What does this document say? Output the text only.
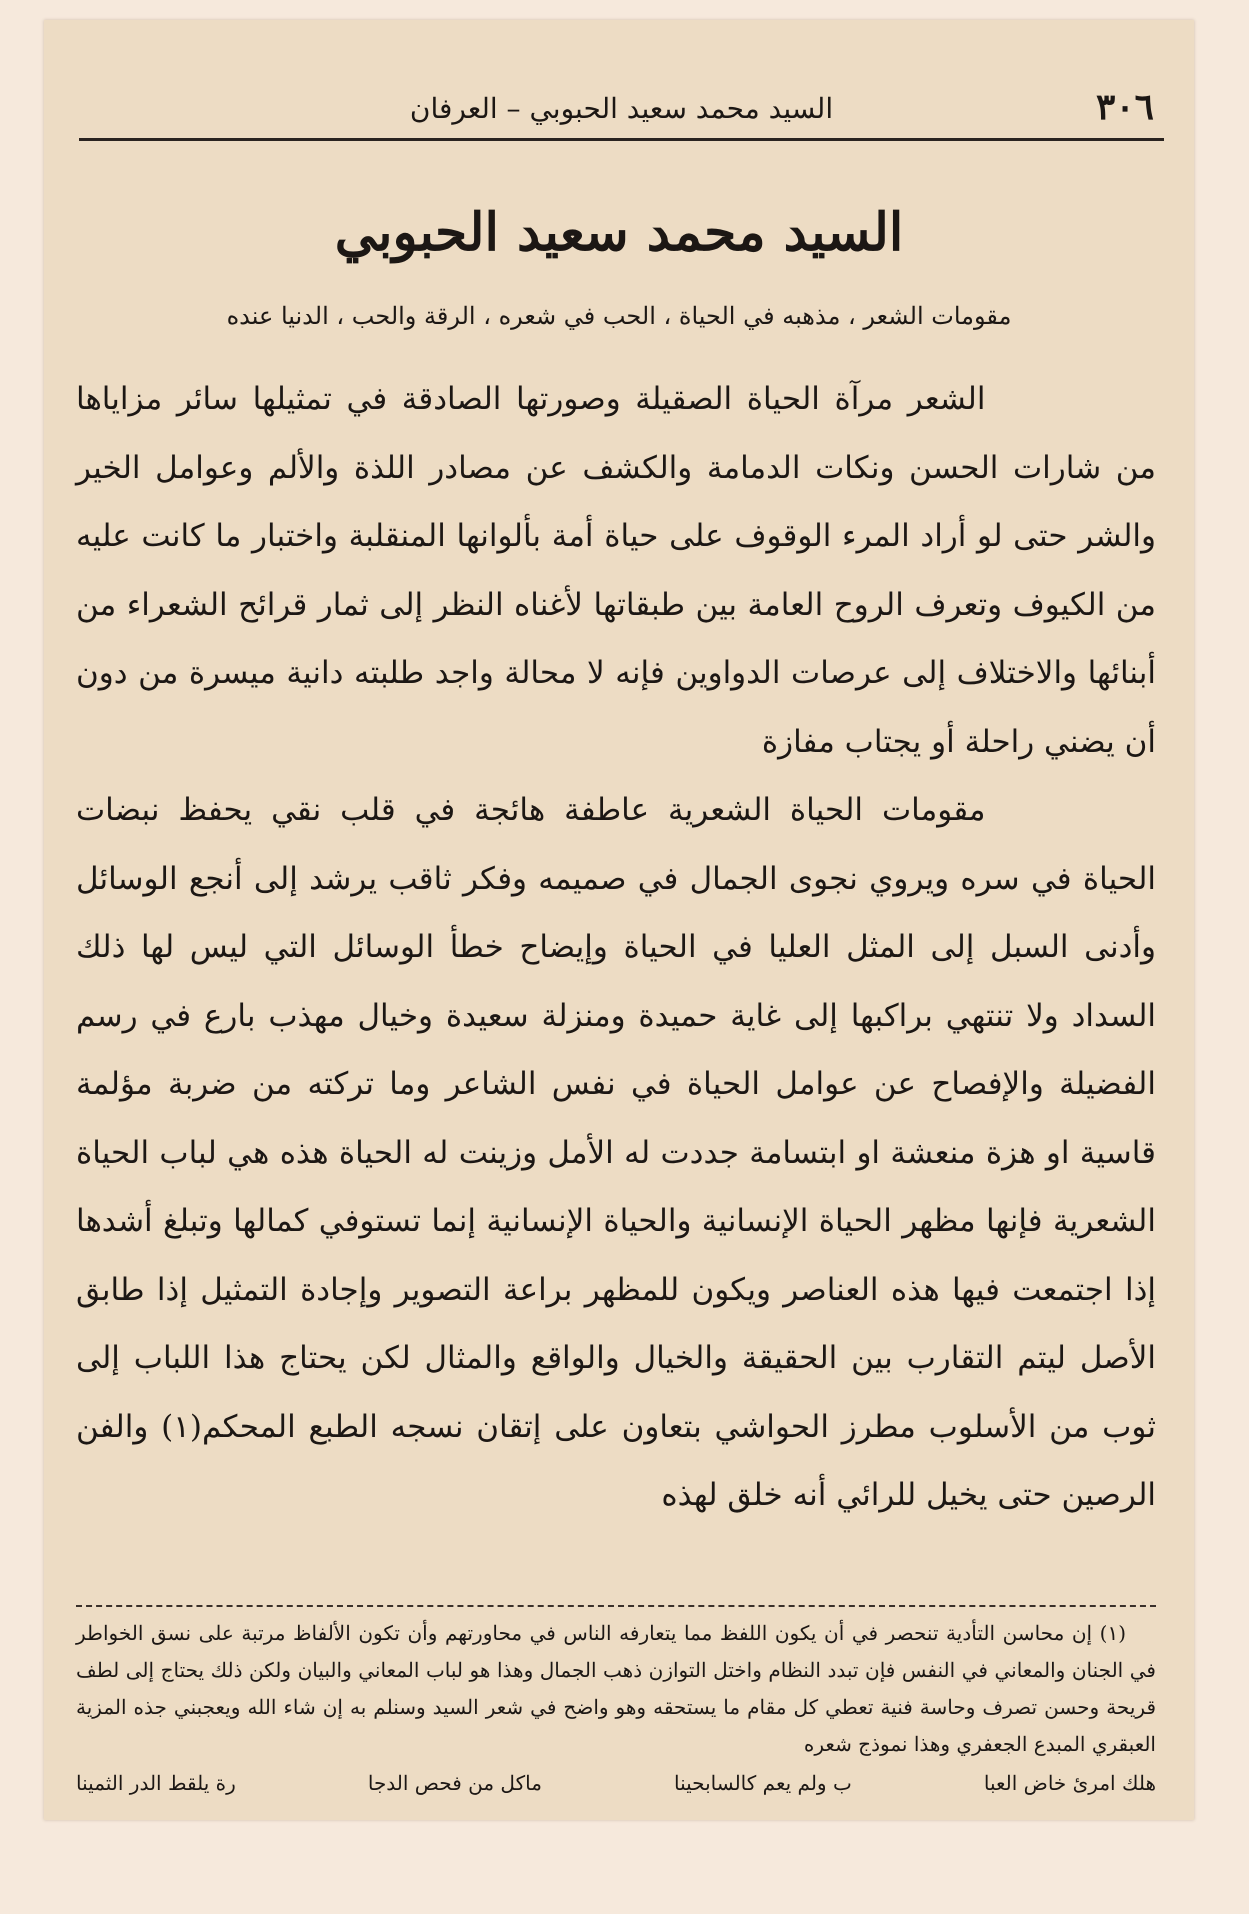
٣٠٦
السيد محمد سعيد الحبوبي – العرفان
السيد محمد سعيد الحبوبي
مقومات الشعر ، مذهبه في الحياة ، الحب في شعره ، الرقة والحب ، الدنيا عنده

الشعر مرآة الحياة الصقيلة وصورتها الصادقة في تمثيلها سائر مزاياها من شارات الحسن ونكات الدمامة والكشف عن مصادر اللذة والألم وعوامل الخير والشر حتى لو أراد المرء الوقوف على حياة أمة بألوانها المنقلبة واختبار ما كانت عليه من الكيوف وتعرف الروح العامة بين طبقاتها لأغناه النظر إلى ثمار قرائح الشعراء من أبنائها والاختلاف إلى عرصات الدواوين فإنه لا محالة واجد طلبته دانية ميسرة من دون أن يضني راحلة أو يجتاب مفازة

مقومات الحياة الشعرية عاطفة هائجة في قلب نقي يحفظ نبضات الحياة في سره ويروي نجوى الجمال في صميمه وفكر ثاقب يرشد إلى أنجع الوسائل وأدنى السبل إلى المثل العليا في الحياة وإيضاح خطأ الوسائل التي ليس لها ذلك السداد ولا تنتهي براكبها إلى غاية حميدة ومنزلة سعيدة وخيال مهذب بارع في رسم الفضيلة والإفصاح عن عوامل الحياة في نفس الشاعر وما تركته من ضربة مؤلمة قاسية او هزة منعشة او ابتسامة جددت له الأمل وزينت له الحياة هذه هي لباب الحياة الشعرية فإنها مظهر الحياة الإنسانية والحياة الإنسانية إنما تستوفي كمالها وتبلغ أشدها إذا اجتمعت فيها هذه العناصر ويكون للمظهر براعة التصوير وإجادة التمثيل إذا طابق الأصل ليتم التقارب بين الحقيقة والخيال والواقع والمثال لكن يحتاج هذا اللباب إلى ثوب من الأسلوب مطرز الحواشي بتعاون على إتقان نسجه الطبع المحكم(١) والفن الرصين حتى يخيل للرائي أنه خلق لهذه

(١) إن محاسن التأدية تنحصر في أن يكون اللفظ مما يتعارفه الناس في محاورتهم وأن تكون الألفاظ مرتبة على نسق الخواطر في الجنان والمعاني في النفس فإن تبدد النظام واختل التوازن ذهب الجمال وهذا هو لباب المعاني والبيان ولكن ذلك يحتاج إلى لطف قريحة وحسن تصرف وحاسة فنية تعطي كل مقام ما يستحقه وهو واضح في شعر السيد وسنلم به إن شاء الله ويعجبني جذه المزية العبقري المبدع الجعفري وهذا نموذج شعره
هلك امرئ خاض العبا
ب ولم يعم كالسابحينا
ماكل من فحص الدجا
رة يلقط الدر الثمينا
